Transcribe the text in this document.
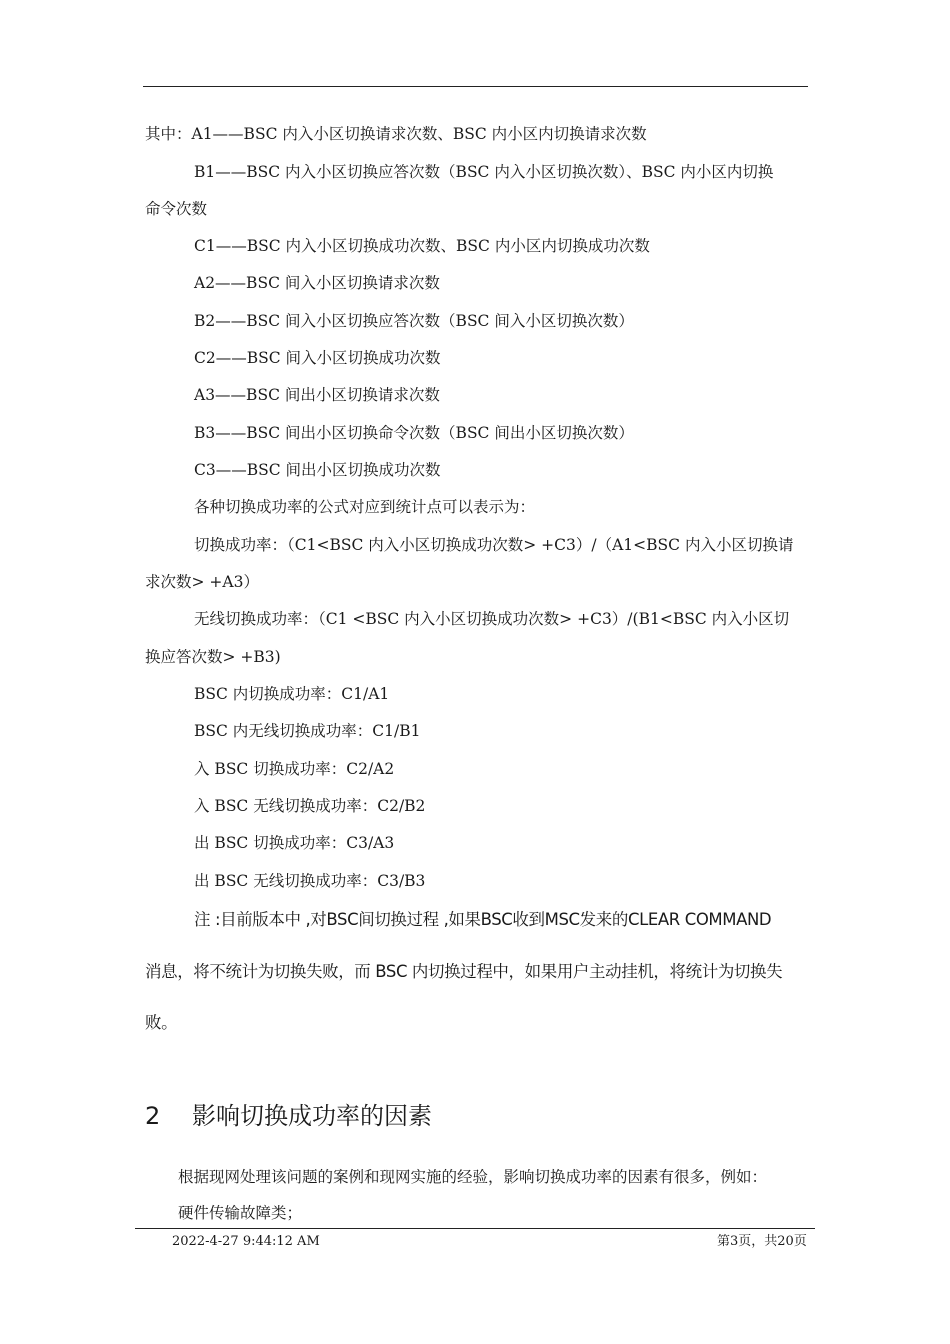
其中：A1——BSC 内入小区切换请求次数、BSC 内小区内切换请求次数
B1——BSC 内入小区切换应答次数（BSC 内入小区切换次数）、BSC 内小区内切换
命令次数
C1——BSC 内入小区切换成功次数、BSC 内小区内切换成功次数
A2——BSC 间入小区切换请求次数
B2——BSC 间入小区切换应答次数（BSC 间入小区切换次数）
C2——BSC 间入小区切换成功次数
A3——BSC 间出小区切换请求次数
B3——BSC 间出小区切换命令次数（BSC 间出小区切换次数）
C3——BSC 间出小区切换成功次数
各种切换成功率的公式对应到统计点可以表示为：
切换成功率：（C1<BSC 内入小区切换成功次数> +C3）/（A1<BSC 内入小区切换请
求次数> +A3）
无线切换成功率：（C1 <BSC 内入小区切换成功次数> +C3）/(B1<BSC 内入小区切
换应答次数> +B3)
BSC 内切换成功率：C1/A1
BSC 内无线切换成功率：C1/B1
入 BSC 切换成功率：C2/A2
入 BSC 无线切换成功率：C2/B2
出 BSC 切换成功率：C3/A3
出 BSC 无线切换成功率：C3/B3
注 :目前版本中 ,对BSC间切换过程 ,如果BSC收到MSC发来的CLEAR COMMAND
消息，将不统计为切换失败，而 BSC 内切换过程中，如果用户主动挂机，将统计为切换失
败。
2 影响切换成功率的因素
根据现网处理该问题的案例和现网实施的经验，影响切换成功率的因素有很多，例如：
硬件传输故障类；
2022-4-27 9:44:12 AM	第3页，共20页
